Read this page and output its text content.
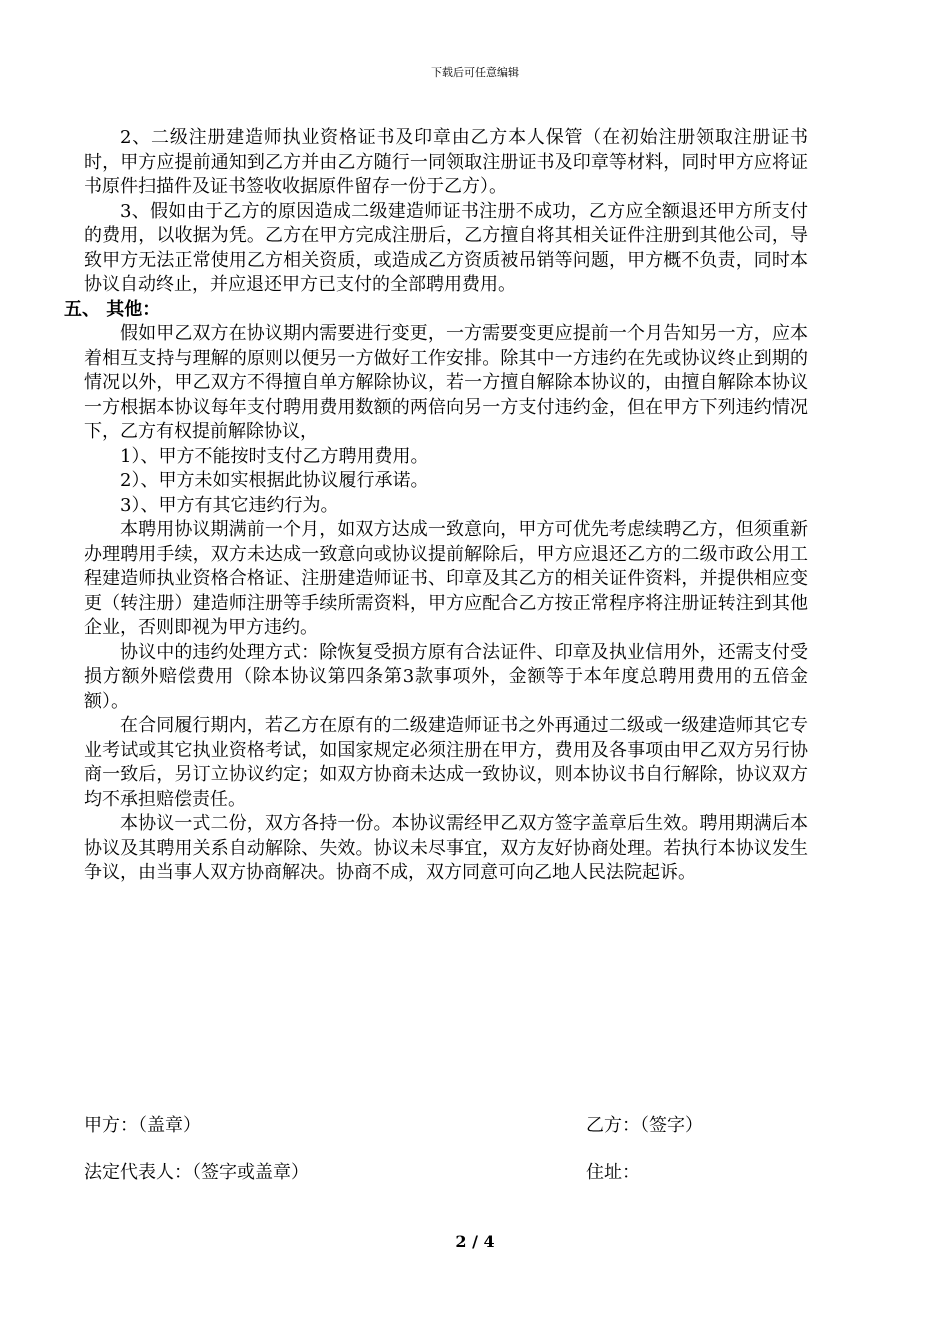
下载后可任意编辑

2、二级注册建造师执业资格证书及印章由乙方本人保管（在初始注册领取注册证书时，甲方应提前通知到乙方并由乙方随行一同领取注册证书及印章等材料，同时甲方应将证书原件扫描件及证书签收收据原件留存一份于乙方）。

3、假如由于乙方的原因造成二级建造师证书注册不成功，乙方应全额退还甲方所支付的费用，以收据为凭。乙方在甲方完成注册后，乙方擅自将其相关证件注册到其他公司，导致甲方无法正常使用乙方相关资质，或造成乙方资质被吊销等问题，甲方概不负责，同时本协议自动终止，并应退还甲方已支付的全部聘用费用。

五、 其他：

假如甲乙双方在协议期内需要进行变更，一方需要变更应提前一个月告知另一方，应本着相互支持与理解的原则以便另一方做好工作安排。除其中一方违约在先或协议终止到期的情况以外，甲乙双方不得擅自单方解除协议，若一方擅自解除本协议的，由擅自解除本协议一方根据本协议每年支付聘用费用数额的两倍向另一方支付违约金，但在甲方下列违约情况下，乙方有权提前解除协议，

1）、甲方不能按时支付乙方聘用费用。

2）、甲方未如实根据此协议履行承诺。

3）、甲方有其它违约行为。

本聘用协议期满前一个月，如双方达成一致意向，甲方可优先考虑续聘乙方，但须重新办理聘用手续，双方未达成一致意向或协议提前解除后，甲方应退还乙方的二级市政公用工程建造师执业资格合格证、注册建造师证书、印章及其乙方的相关证件资料，并提供相应变更（转注册）建造师注册等手续所需资料，甲方应配合乙方按正常程序将注册证转注到其他企业，否则即视为甲方违约。

协议中的违约处理方式：除恢复受损方原有合法证件、印章及执业信用外，还需支付受损方额外赔偿费用（除本协议第四条第3款事项外，金额等于本年度总聘用费用的五倍金额）。

在合同履行期内，若乙方在原有的二级建造师证书之外再通过二级或一级建造师其它专业考试或其它执业资格考试，如国家规定必须注册在甲方，费用及各事项由甲乙双方另行协商一致后，另订立协议约定；如双方协商未达成一致协议，则本协议书自行解除，协议双方均不承担赔偿责任。

本协议一式二份，双方各持一份。本协议需经甲乙双方签字盖章后生效。聘用期满后本协议及其聘用关系自动解除、失效。协议未尽事宜，双方友好协商处理。若执行本协议发生争议，由当事人双方协商解决。协商不成，双方同意可向乙地人民法院起诉。

甲方：（盖章）	乙方：（签字）
法定代表人：（签字或盖章）	住址：
2 / 4
